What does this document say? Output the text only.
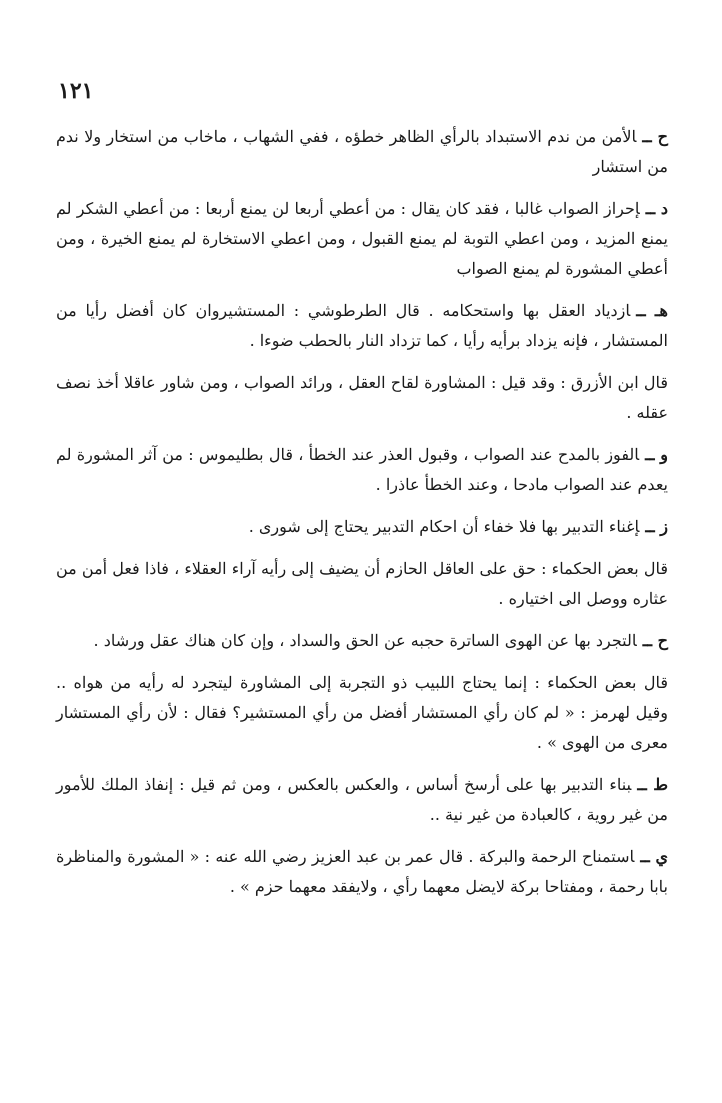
١٢١

ح ــالأمن من ندم الاستبداد بالرأي الظاهر خطؤه ، ففي الشهاب ، ماخاب من استخار ولا ندم من استشار

د ــإحراز الصواب غالبا ، فقد كان يقال : من أعطي أربعا لن يمنع أربعا : من أعطي الشكر لم يمنع المزيد ، ومن اعطي التوبة لم يمنع القبول ، ومن اعطي الاستخارة لم يمنع الخيرة ، ومن أعطي المشورة لم يمنع الصواب

هـ ــازدياد العقل بها واستحكامه . قال الطرطوشي : المستشيروان كان أفضل رأيا من المستشار ، فإنه يزداد برأيه رأيا ، كما تزداد النار بالحطب ضوءا .

قال ابن الأزرق : وقد قيل : المشاورة لقاح العقل ، ورائد الصواب ، ومن شاور عاقلا أخذ نصف عقله .

و ــالفوز بالمدح عند الصواب ، وقبول العذر عند الخطأ ، قال بطليموس : من آثر المشورة لم يعدم عند الصواب مادحا ، وعند الخطأ عاذرا .

ز ــإغناء التدبير بها فلا خفاء أن احكام التدبير يحتاج إلى شورى .

قال بعض الحكماء : حق على العاقل الحازم أن يضيف إلى رأيه آراء العقلاء ، فاذا فعل أمن من عثاره ووصل الى اختياره .

ح ــالتجرد بها عن الهوى الساترة حجبه عن الحق والسداد ، وإن كان هناك عقل ورشاد .

قال بعض الحكماء : إنما يحتاج اللبيب ذو التجربة إلى المشاورة ليتجرد له رأيه من هواه .. وقيل لهرمز : « لم كان رأي المستشار أفضل من رأي المستشير؟ فقال : لأن رأي المستشار معرى من الهوى » .

ط ــبناء التدبير بها على أرسخ أساس ، والعكس بالعكس ، ومن ثم قيل : إنفاذ الملك للأمور من غير روية ، كالعبادة من غير نية ..

ي ــاستمناح الرحمة والبركة . قال عمر بن عبد العزيز رضي الله عنه : « المشورة والمناظرة بابا رحمة ، ومفتاحا بركة لايضل معهما رأي ، ولايفقد معهما حزم » .
